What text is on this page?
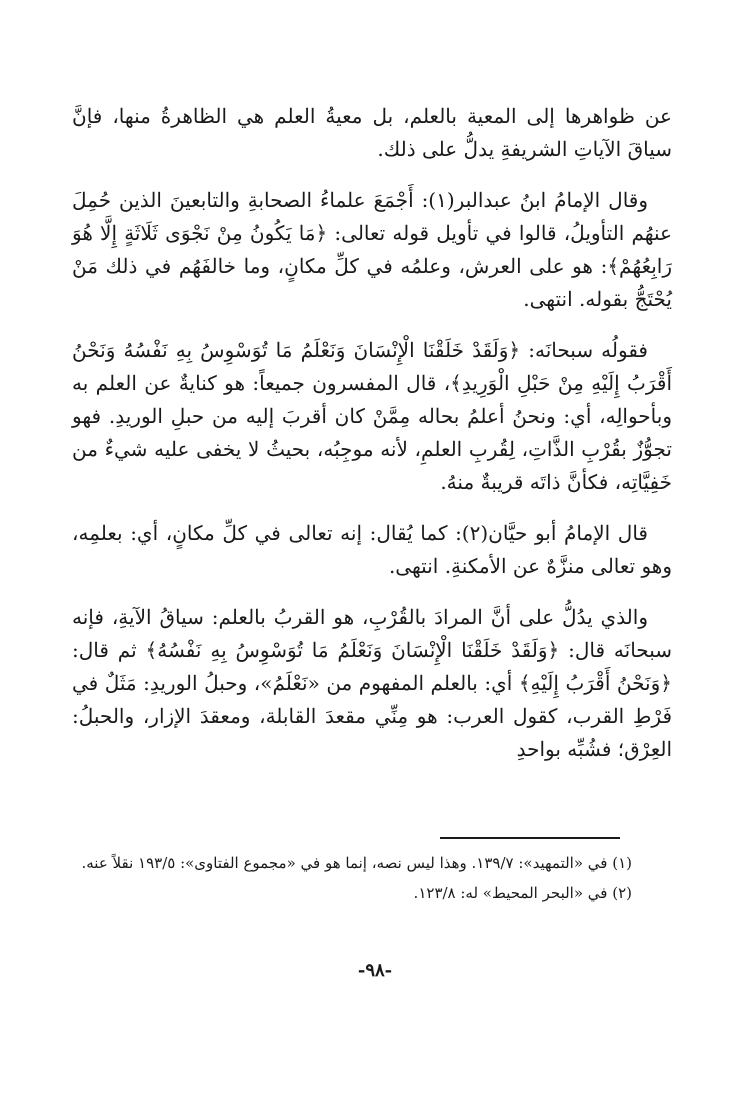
عن ظواهرها إلى المعية بالعلم، بل معيةُ العلم هي الظاهرةُ منها، فإنَّ سياقَ الآياتِ الشريفةِ يدلُّ على ذلك.

وقال الإمامُ ابنُ عبدالبر(١): أَجْمَعَ علماءُ الصحابةِ والتابعينَ الذين حُمِلَ عنهُم التأويلُ، قالوا في تأويل قوله تعالى: ﴿مَا يَكُونُ مِنْ نَجْوَى ثَلَاثَةٍ إِلَّا هُوَ رَابِعُهُمْ﴾: هو على العرش، وعلمُه في كلِّ مكانٍ، وما خالفَهُم في ذلك مَنْ يُحْتَجُّ بقوله. انتهى.

فقولُه سبحانَه: ﴿وَلَقَدْ خَلَقْنَا الْإِنْسَانَ وَنَعْلَمُ مَا تُوَسْوِسُ بِهِ نَفْسُهُ وَنَحْنُ أَقْرَبُ إِلَيْهِ مِنْ حَبْلِ الْوَرِيدِ﴾، قال المفسرون جميعاً: هو كنايةٌ عن العلم به وبأحوالِه، أي: ونحنُ أعلمُ بحاله مِمَّنْ كان أقربَ إليه من حبلِ الوريدِ. فهو تجوُّزٌ بقُرْبِ الذَّاتِ، لِقُربِ العلمِ، لأنه موجِبُه، بحيثُ لا يخفى عليه شيءٌ من خَفِيَّاتِه، فكأنَّ ذاتَه قريبةٌ منهُ.

قال الإمامُ أبو حيَّان(٢): كما يُقال: إنه تعالى في كلِّ مكانٍ، أي: بعلمِه، وهو تعالى منزَّهٌ عن الأمكنةِ. انتهى.

والذي يدُلُّ على أنَّ المرادَ بالقُرْبِ، هو القربُ بالعلم: سياقُ الآيةِ، فإنه سبحانَه قال: ﴿وَلَقَدْ خَلَقْنَا الْإِنْسَانَ وَنَعْلَمُ مَا تُوَسْوِسُ بِهِ نَفْسُهُ﴾ ثم قال: ﴿وَنَحْنُ أَقْرَبُ إِلَيْهِ﴾ أي: بالعلم المفهوم من «نَعْلَمُ»، وحبلُ الوريدِ: مَثَلٌ في فَرْطِ القرب، كقول العرب: هو مِنِّي مقعدَ القابلة، ومعقدَ الإزار، والحبلُ: العِرْق؛ فشُبِّه بواحدِ

(١) في «التمهيد»: ١٣٩/٧. وهذا ليس نصه، إنما هو في «مجموع الفتاوى»: ١٩٣/٥ نقلاً عنه.

(٢) في «البحر المحيط» له: ١٢٣/٨.

-٩٨-
